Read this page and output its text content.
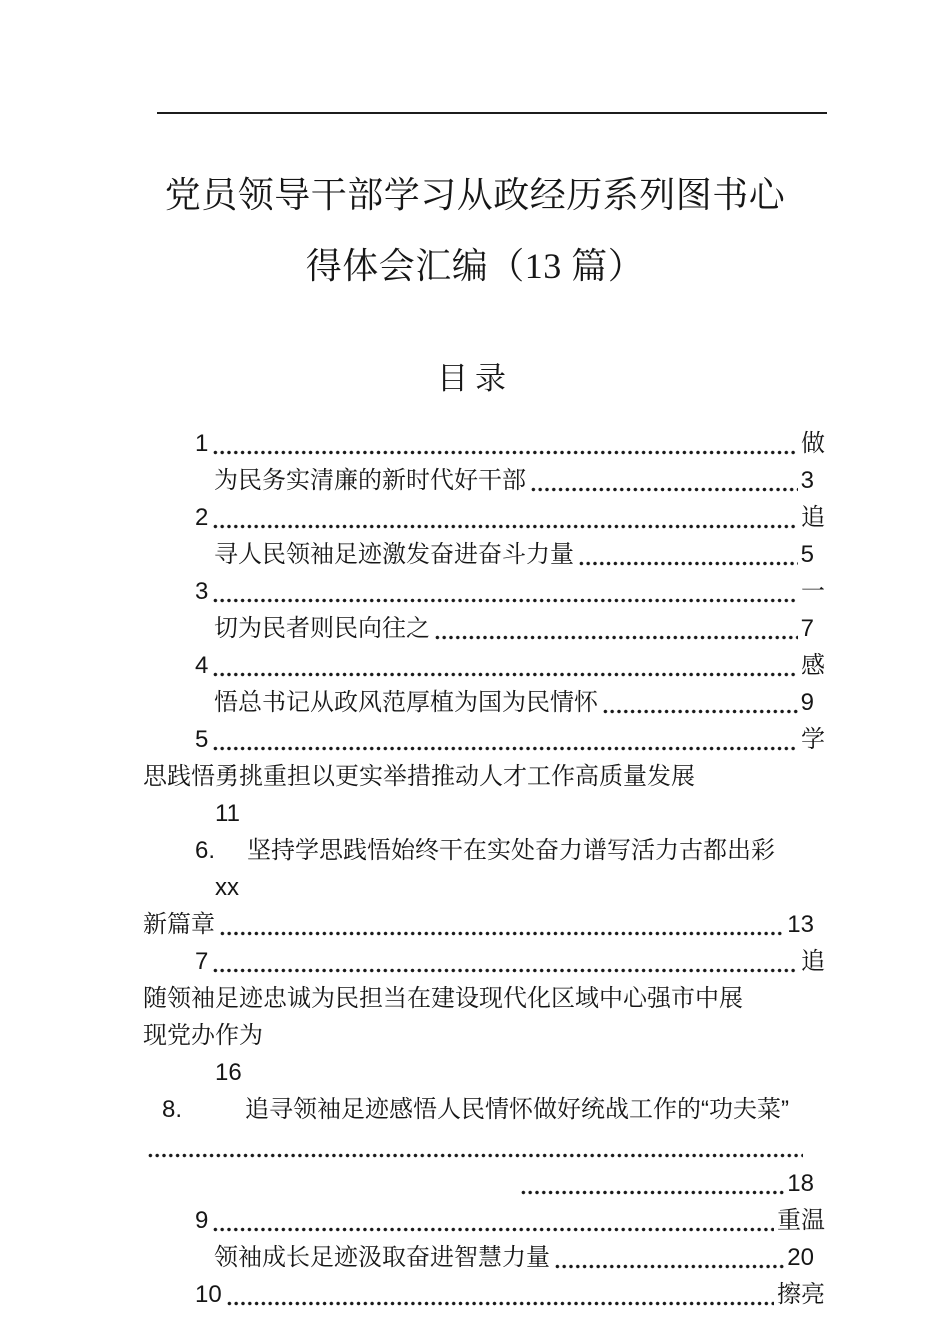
党员领导干部学习从政经历系列图书心
得体会汇编（13 篇）
目录
1	做
为民务实清廉的新时代好干部	3
2	追
寻人民领袖足迹激发奋进奋斗力量	5
3	一
切为民者则民向往之	7
4	感
悟总书记从政风范厚植为国为民情怀	9
5	学
思践悟勇挑重担以更实举措推动人才工作高质量发展
11
6.	坚持学思践悟始终干在实处奋力谱写活力古都出彩
xx
新篇章	13
7	追
随领袖足迹忠诚为民担当在建设现代化区域中心强市中展
现党办作为
16
8.	追寻领袖足迹感悟人民情怀做好统战工作的“功夫菜”
18
9	重温
领袖成长足迹汲取奋进智慧力量	20
10	擦亮
